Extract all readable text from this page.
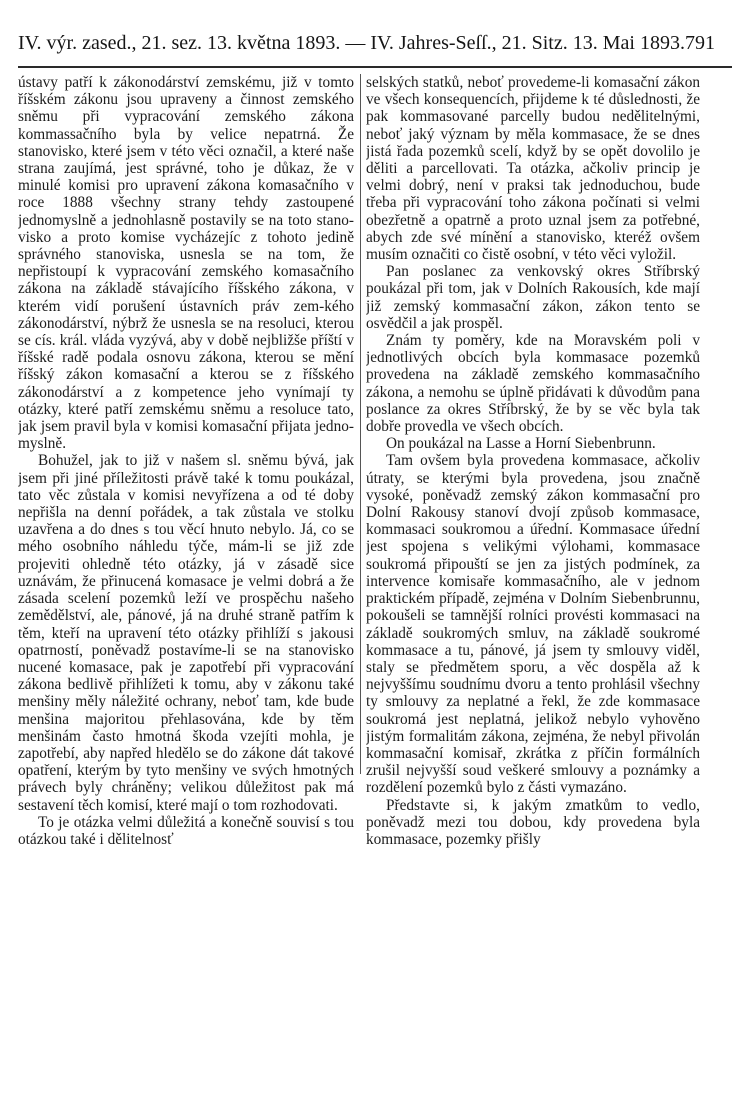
IV. výr. zased., 21. sez. 13. května 1893. — IV. Jahres-Seſſ., 21. Sitz. 13. Mai 1893.791

ústavy patří k zákonodárství zemskému, již v tomto říšském zákonu jsou upraveny a činnost zemského sněmu při vypracování zemského zákona kommassačního byla by velice nepatrná. Že stanovisko, které jsem v této věci označil, a které naše strana zaujímá, jest správné, toho je důkaz, že v minulé komisi pro upravení zákona komasačního v roce 1888 všechny strany tehdy zastoupené jednomyslně a jednohlasně postavily se na toto stanovisko a proto komise vycházejíc z tohoto jedině správného stanoviska, usnesla se na tom, že nepřistoupí k vypracování zemského komasačního zákona na základě stávajícího říšského zákona, v kterém vidí porušení ústavních práv zem-kého zákonodárství, nýbrž že usnesla se na resoluci, kterou se cís. král. vláda vyzývá, aby v době nejbližše příští v říšské radě podala osnovu zákona, kterou se mění říšský zákon komasační a kterou se z říšského zákonodárství a z kompetence jeho vynímají ty otázky, které patří zemskému sněmu a resoluce tato, jak jsem pravil byla v komisi komasační přijata jednomyslně.

Bohužel, jak to již v našem sl. sněmu bývá, jak jsem při jiné příležitosti právě také k tomu poukázal, tato věc zůstala v komisi nevyřízena a od té doby nepřišla na denní pořádek, a tak zůstala ve stolku uzavřena a do dnes s tou věcí hnuto nebylo. Já, co se mého osobního náhledu týče, mám-li se již zde projeviti ohledně této otázky, já v zásadě sice uznávám, že přinucená komasace je velmi dobrá a že zásada scelení pozemků leží ve prospěchu našeho zemědělství, ale, pánové, já na druhé straně patřím k těm, kteří na upravení této otázky přihlíží s jakousi opatrností, poněvadž postavíme-li se na stanovisko nucené komasace, pak je zapotřebí při vypracování zákona bedlivě přihlížeti k tomu, aby v zákonu také menšiny měly náležité ochrany, neboť tam, kde bude menšina majoritou přehlasována, kde by těm menšinám často hmotná škoda vzejíti mohla, je zapotřebí, aby napřed hledělo se do zákone dát takové opatření, kterým by tyto menšiny ve svých hmotných právech byly chráněny; velikou důležitost pak má sestavení těch komisí, které mají o tom rozhodovati.

To je otázka velmi důležitá a konečně souvisí s tou otázkou také i dělitelnosť

selských statků, neboť provedeme-li komasační zákon ve všech konsequencích, přijdeme k té důslednosti, že pak kommasované parcelly budou nedělitelnými, neboť jaký význam by měla kommasace, že se dnes jistá řada pozemků scelí, když by se opět dovolilo je děliti a parcellovati. Ta otázka, ačkoliv princip je velmi dobrý, není v praksi tak jednoduchou, bude třeba při vypracování toho zákona počínati si velmi obezřetně a opatrně a proto uznal jsem za potřebné, abych zde své mínění a stanovisko, kteréž ovšem musím označiti co čistě osobní, v této věci vyložil.

Pan poslanec za venkovský okres Stříbrský poukázal při tom, jak v Dolních Rakousích, kde mají již zemský kommasační zákon, zákon tento se osvědčil a jak prospěl.

Znám ty poměry, kde na Moravském poli v jednotlivých obcích byla kommasace pozemků provedena na základě zemského kommasačního zákona, a nemohu se úplně přidávati k důvodům pana poslance za okres Stříbrský, že by se věc byla tak dobře provedla ve všech obcích.

On poukázal na Lasse a Horní Siebenbrunn.

Tam ovšem byla provedena kommasace, ačkoliv útraty, se kterými byla provedena, jsou značně vysoké, poněvadž zemský zákon kommasační pro Dolní Rakousy stanoví dvojí způsob kommasace, kommasaci soukromou a úřední. Kommasace úřední jest spojena s velikými výlohami, kommasace soukromá připouští se jen za jistých podmínek, za intervence komisaře kommasačního, ale v jednom praktickém případě, zejména v Dolním Siebenbrunnu, pokoušeli se tamnější rolníci provésti kommasaci na základě soukromých smluv, na základě soukromé kommasace a tu, pánové, já jsem ty smlouvy viděl, staly se předmětem sporu, a věc dospěla až k nejvyššímu soudnímu dvoru a tento prohlásil všechny ty smlouvy za neplatné a řekl, že zde kommasace soukromá jest neplatná, jelikož nebylo vyhověno jistým formalitám zákona, zejména, že nebyl přivolán kommasační komisař, zkrátka z příčin formálních zrušil nejvyšší soud veškeré smlouvy a poznámky a rozdělení pozemků bylo z části vymazáno.

Představte si, k jakým zmatkům to vedlo, poněvadž mezi tou dobou, kdy provedena byla kommasace, pozemky přišly
